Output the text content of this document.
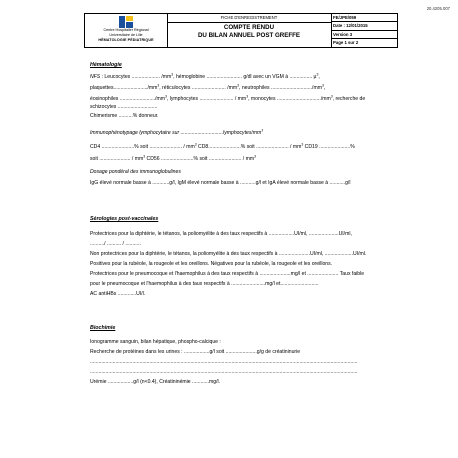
20.4205.007
Centre Hospitalier Régional
Universitaire de Lille
HÉMATOLOGIE PÉDIATRIQUE
FICHE D'ENREGISTREMENT
COMPTE RENDU
DU BILAN ANNUEL POST GREFFE
FE/JPE/059
Date : 12/01/2015
Version 3
Page 1 sur 2
Hématologie
NFS : Leucocytes .................... $/mm^3$, hémoglobine ......................... g/dl avec un VGM à ................ µ$^3$,
$plaquettes......................../mm^3$, réticulocytes ........................ $/mm^3$, neutrophiles $............................./mm^3$,
éosinophiles $........................./mm^3$, lymphocytes ........................ / $mm^3$, monocytes $.............................../mm^3$, recherche de
schizocytes ............................
Chimerisme ..........% donneur.
Immunophénotypage lymphocytaire sur $..............................lymphocytes/mm^3$
CD4 .......................% soit ....................... / $mm^3$ CD8.......................% soit ....................... / $mm^3$ CD19 ......................%
soit ...................... / $mm^3$ CD56 .......................% soit ....................... / $mm^3$
Dosage pondéral des immunoglobulines
IgG élevé normale basse à ............g/l, IgM élevé normale basse à ...........g/l et IgA élevé normale basse à ...........g/l
Sérologies post-vaccinales
Protectrices pour la diphtérie, le tétanos, la poliomyélite à des taux respectifs à ..................UI/ml, .....................UI/ml,
........../ .......... / ...........
Non protectrices pour la diphtérie, le tétanos, la poliomyélite à des taux respectifs à ......................UI/ml, ....................UI/ml.
Positives pour la rubéole, la rougeole et les oreillons. Négatives pour la rubéole, la rougeole et les oreillons.
Protectrices pour le pneumocoque et l'haemophilus à des taux respectifs à ......................mg/l et ...................... Taux faible
pour le pneumocoque et l'haemophilus à des taux respectifs à ........................mg/l et...........................
AC antiHBs .............UI/l.
Biochimie
Ionogramme sanguin, bilan hépatique, phospho-calcique :
Recherche de protéines dans les urines : ..................g/l soit ......................g/g de créatininurie
.............................................................................................................................................................................................
.............................................................................................................................................................................................
Urémie ..................g/l (n<0.4), Créatininémie ............mg/l.
